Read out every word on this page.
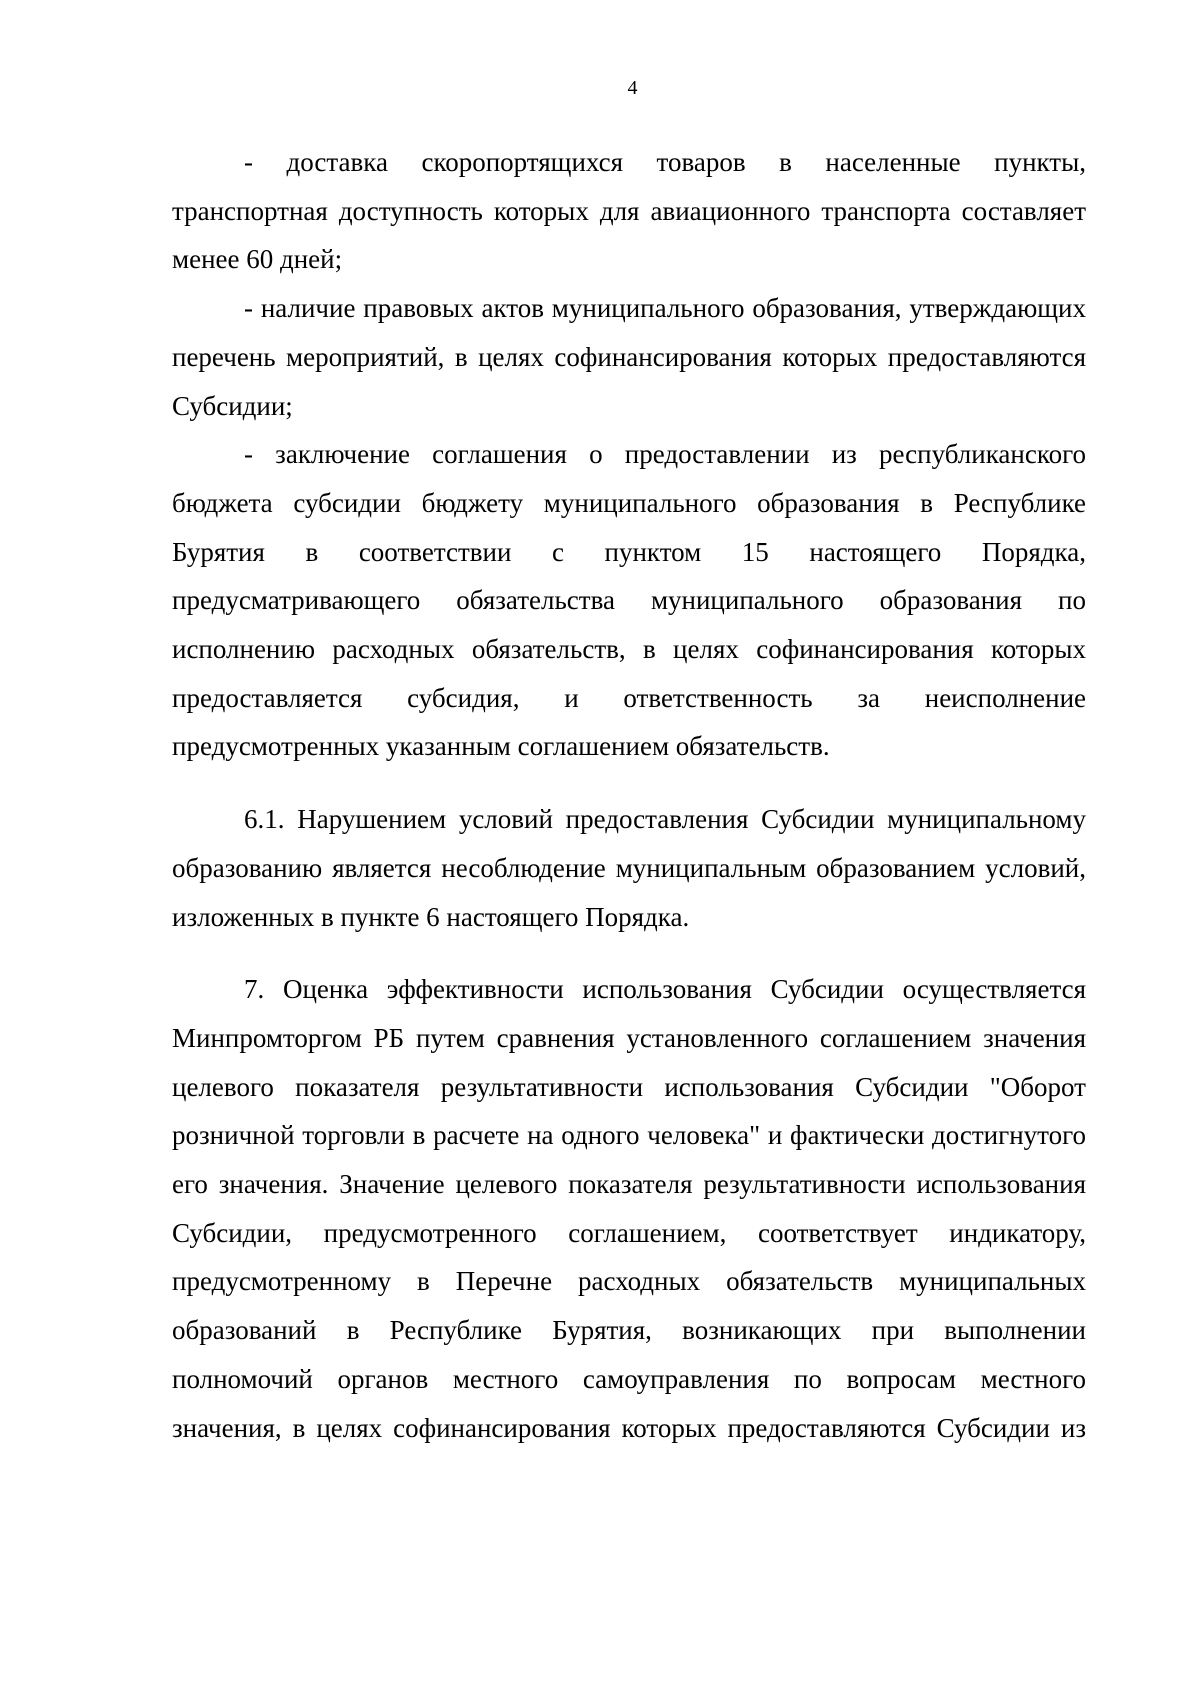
4

- доставка скоропортящихся товаров в населенные пункты, транспортная доступность которых для авиационного транспорта составляет менее 60 дней;

- наличие правовых актов муниципального образования, утверждающих перечень мероприятий, в целях софинансирования которых предоставляются Субсидии;

- заключение соглашения о предоставлении из республиканского бюджета субсидии бюджету муниципального образования в Республике Бурятия в соответствии с пунктом 15 настоящего Порядка, предусматривающего обязательства муниципального образования по исполнению расходных обязательств, в целях софинансирования которых предоставляется субсидия, и ответственность за неисполнение предусмотренных указанным соглашением обязательств.

6.1. Нарушением условий предоставления Субсидии муниципальному образованию является несоблюдение муниципальным образованием условий, изложенных в пункте 6 настоящего Порядка.

7. Оценка эффективности использования Субсидии осуществляется Минпромторгом РБ путем сравнения установленного соглашением значения целевого показателя результативности использования Субсидии "Оборот розничной торговли в расчете на одного человека" и фактически достигнутого его значения. Значение целевого показателя результативности использования Субсидии, предусмотренного соглашением, соответствует индикатору, предусмотренному в Перечне расходных обязательств муниципальных образований в Республике Бурятия, возникающих при выполнении полномочий органов местного самоуправления по вопросам местного значения, в целях софинансирования которых предоставляются Субсидии из
